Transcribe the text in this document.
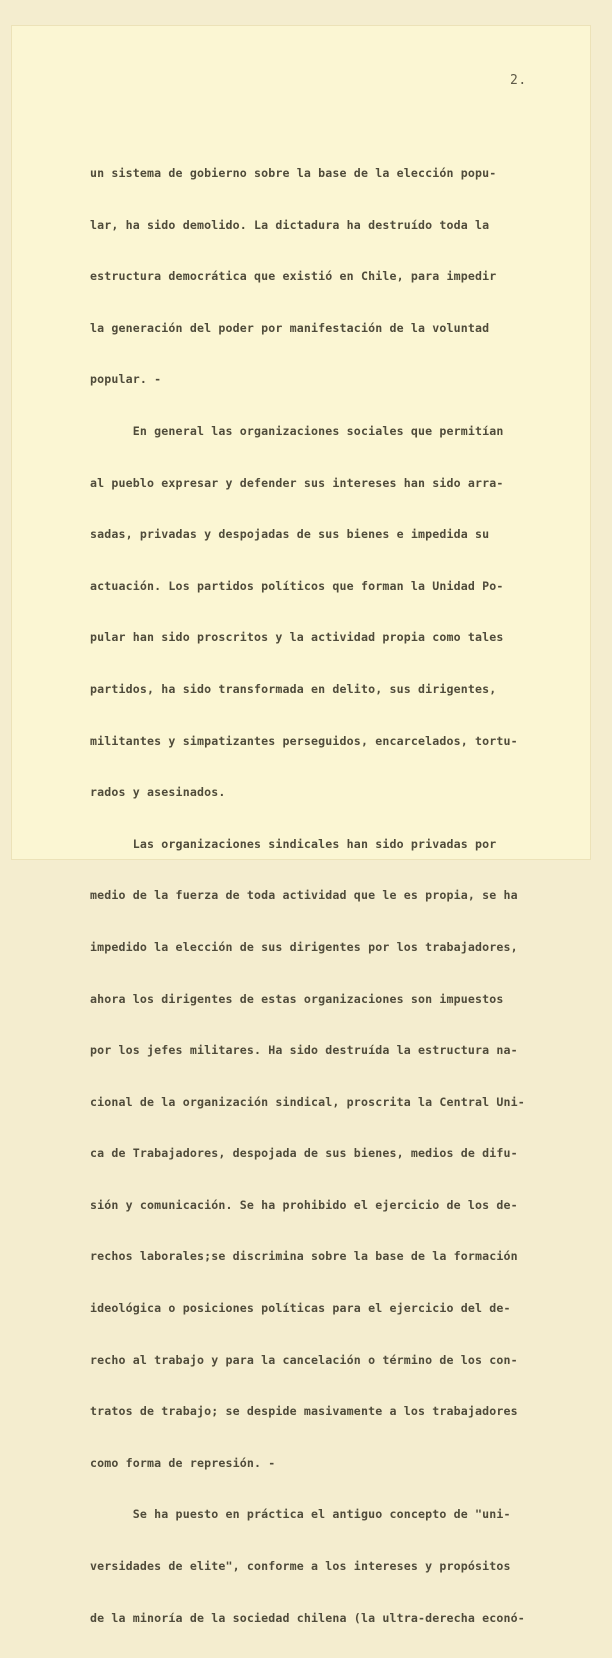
2.

un sistema de gobierno sobre la base de la elección popu-

lar, ha sido demolido. La dictadura ha destruído toda la

estructura democrática que existió en Chile, para impedir

la generación del poder por manifestación de la voluntad

popular. -

En general las organizaciones sociales que permitían

al pueblo expresar y defender sus intereses han sido arra-

sadas, privadas y despojadas de sus bienes e impedida su

actuación. Los partidos políticos que forman la Unidad Po-

pular han sido proscritos y la actividad propia como tales

partidos, ha sido transformada en delito, sus dirigentes,

militantes y simpatizantes perseguidos, encarcelados, tortu-

rados y asesinados.

Las organizaciones sindicales han sido privadas por

medio de la fuerza de toda actividad que le es propia, se ha

impedido la elección de sus dirigentes por los trabajadores,

ahora los dirigentes de estas organizaciones son impuestos

por los jefes militares. Ha sido destruída la estructura na-

cional de la organización sindical, proscrita la Central Uni-

ca de Trabajadores, despojada de sus bienes, medios de difu-

sión y comunicación. Se ha prohibido el ejercicio de los de-

rechos laborales;se discrimina sobre la base de la formación

ideológica o posiciones políticas para el ejercicio del de-

recho al trabajo y para la cancelación o término de los con-

tratos de trabajo; se despide masivamente a los trabajadores

como forma de represión. -

Se ha puesto en práctica el antiguo concepto de "uni-

versidades de elite", conforme a los intereses y propósitos

de la minoría de la sociedad chilena (la ultra-derecha econó-
